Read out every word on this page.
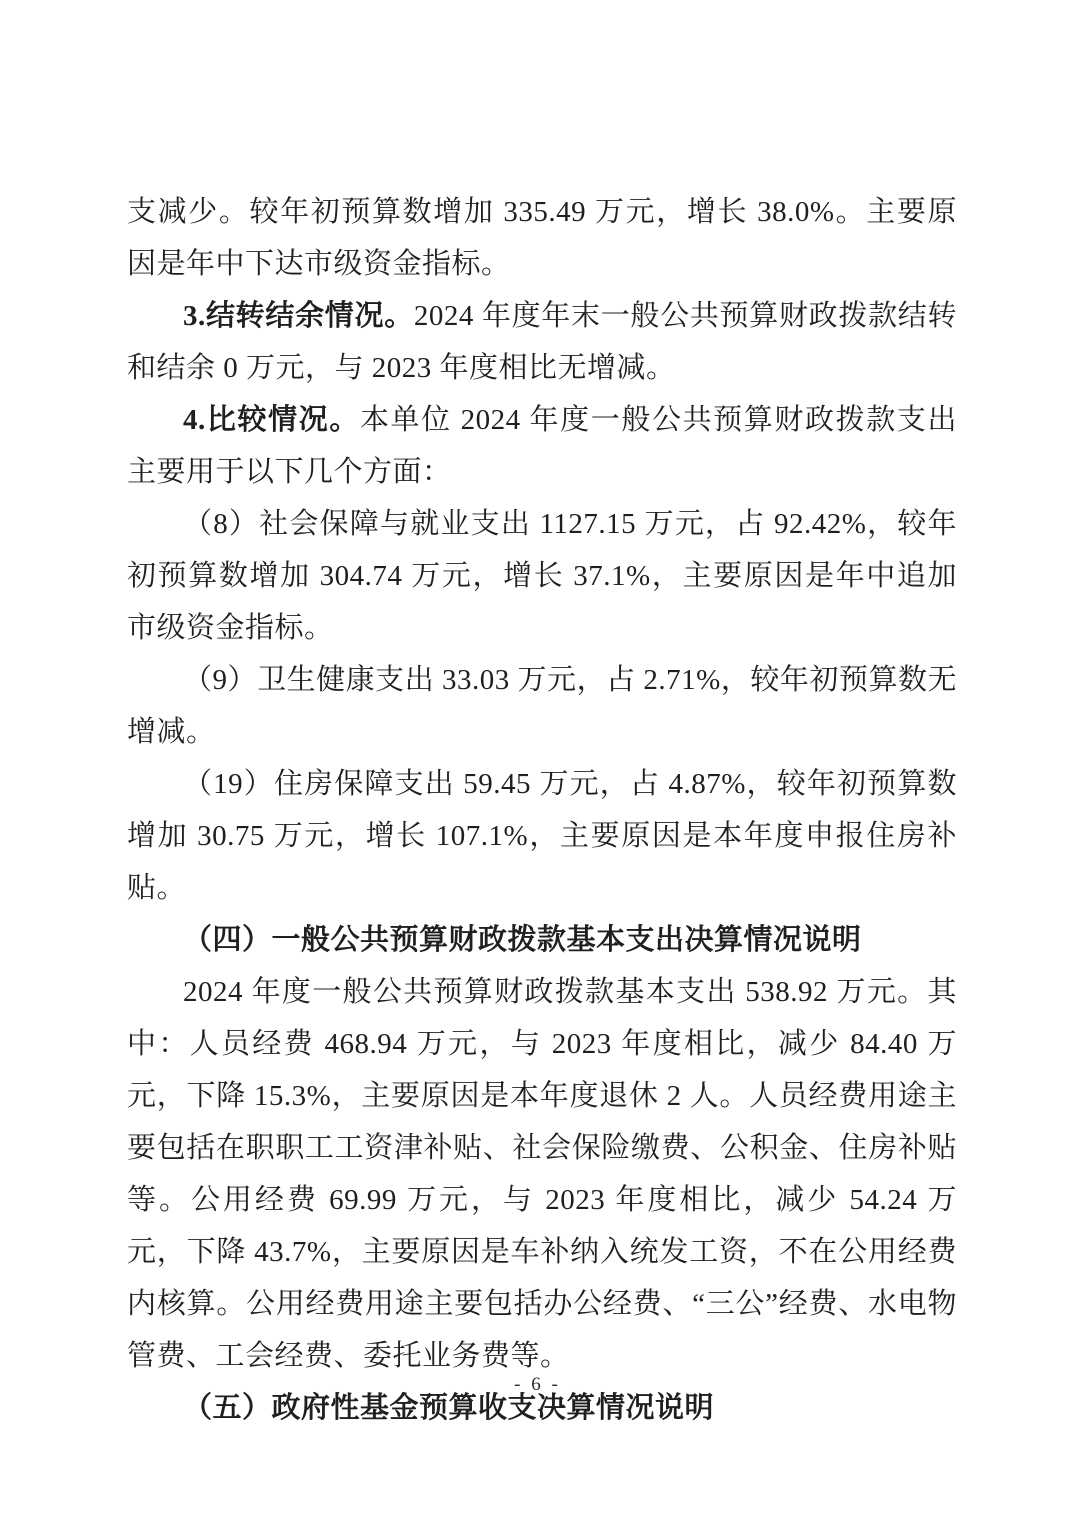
支减少。较年初预算数增加 335.49 万元，增长 38.0%。主要原因是年中下达市级资金指标。

3.结转结余情况。2024 年度年末一般公共预算财政拨款结转和结余 0 万元，与 2023 年度相比无增减。

4.比较情况。本单位 2024 年度一般公共预算财政拨款支出主要用于以下几个方面：

（8）社会保障与就业支出 1127.15 万元，占 92.42%，较年初预算数增加 304.74 万元，增长 37.1%，主要原因是年中追加市级资金指标。

（9）卫生健康支出 33.03 万元，占 2.71%，较年初预算数无增减。

（19）住房保障支出 59.45 万元，占 4.87%，较年初预算数增加 30.75 万元，增长 107.1%，主要原因是本年度申报住房补贴。

（四）一般公共预算财政拨款基本支出决算情况说明

2024 年度一般公共预算财政拨款基本支出 538.92 万元。其中：人员经费 468.94 万元，与 2023 年度相比，减少 84.40 万元，下降 15.3%，主要原因是本年度退休 2 人。人员经费用途主要包括在职职工工资津补贴、社会保险缴费、公积金、住房补贴等。公用经费 69.99 万元，与 2023 年度相比，减少 54.24 万元，下降 43.7%，主要原因是车补纳入统发工资，不在公用经费内核算。公用经费用途主要包括办公经费、“三公”经费、水电物管费、工会经费、委托业务费等。

（五）政府性基金预算收支决算情况说明

- 6 -
